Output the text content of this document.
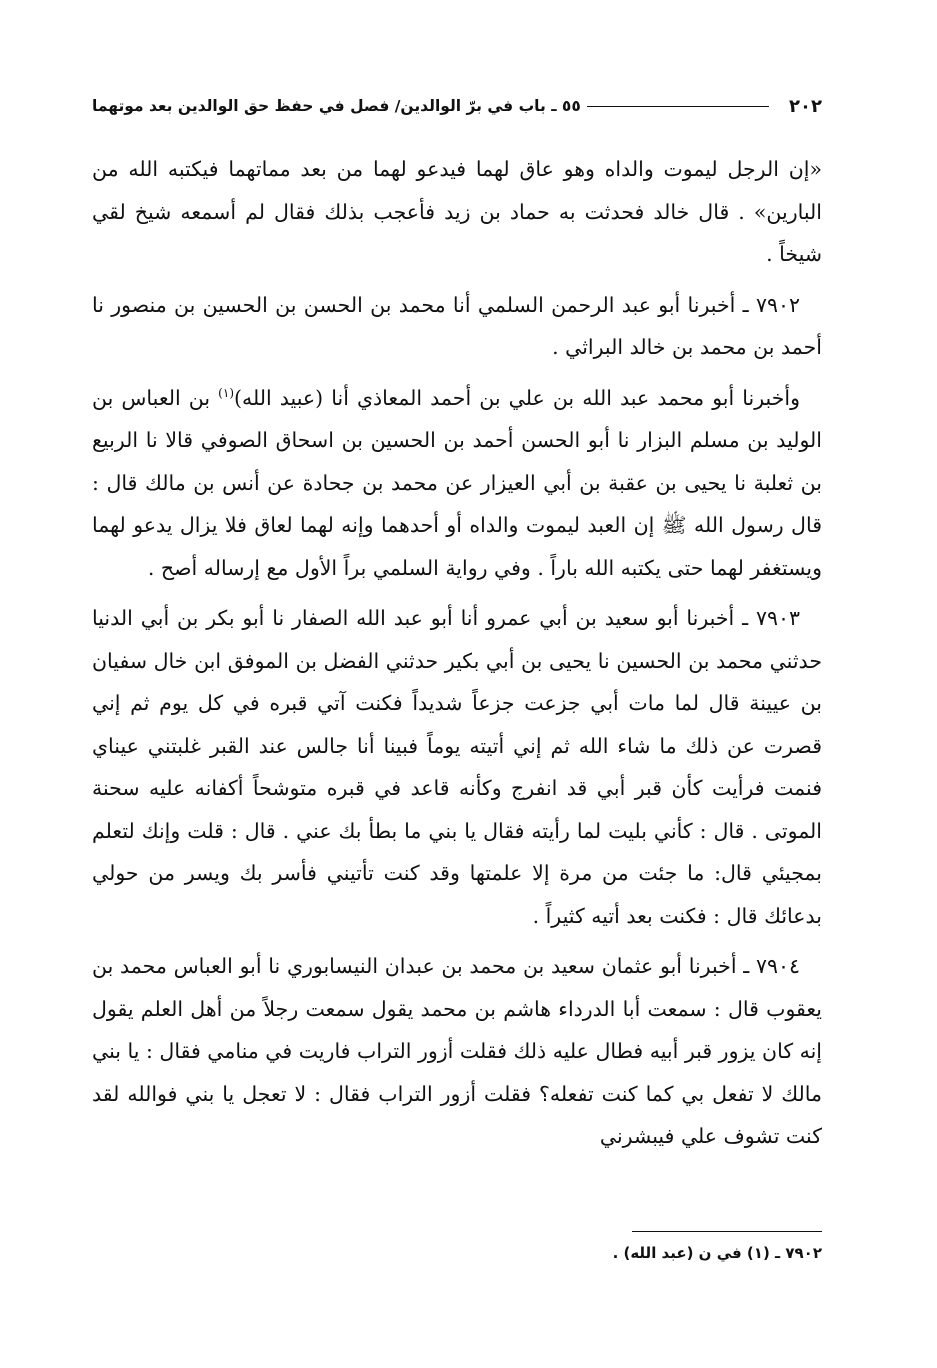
٢٠٢
٥٥ ـ باب في برّ الوالدين/ فصل في حفظ حق الوالدين بعد موتهما

«إن الرجل ليموت والداه وهو عاق لهما فيدعو لهما من بعد مماتهما فيكتبه الله من البارين» . قال خالد فحدثت به حماد بن زيد فأعجب بذلك فقال لم أسمعه شيخ لقي شيخاً .

٧٩٠٢ ـ أخبرنا أبو عبد الرحمن السلمي أنا محمد بن الحسن بن الحسين بن منصور نا أحمد بن محمد بن خالد البراثي .

وأخبرنا أبو محمد عبد الله بن علي بن أحمد المعاذي أنا (عبيد الله)$^{(١)}$ بن العباس بن الوليد بن مسلم البزار نا أبو الحسن أحمد بن الحسين بن اسحاق الصوفي قالا نا الربيع بن ثعلبة نا يحيى بن عقبة بن أبي العيزار عن محمد بن جحادة عن أنس بن مالك قال : قال رسول الله ﷺ إن العبد ليموت والداه أو أحدهما وإنه لهما لعاق فلا يزال يدعو لهما ويستغفر لهما حتى يكتبه الله باراً . وفي رواية السلمي براً الأول مع إرساله أصح .

٧٩٠٣ ـ أخبرنا أبو سعيد بن أبي عمرو أنا أبو عبد الله الصفار نا أبو بكر بن أبي الدنيا حدثني محمد بن الحسين نا يحيى بن أبي بكير حدثني الفضل بن الموفق ابن خال سفيان بن عيينة قال لما مات أبي جزعت جزعاً شديداً فكنت آتي قبره في كل يوم ثم إني قصرت عن ذلك ما شاء الله ثم إني أتيته يوماً فبينا أنا جالس عند القبر غلبتني عيناي فنمت فرأيت كأن قبر أبي قد انفرج وكأنه قاعد في قبره متوشحاً أكفانه عليه سحنة الموتى . قال : كأني بليت لما رأيته فقال يا بني ما بطأ بك عني . قال : قلت وإنك لتعلم بمجيئي قال: ما جئت من مرة إلا علمتها وقد كنت تأتيني فأسر بك ويسر من حولي بدعائك قال : فكنت بعد أتيه كثيراً .

٧٩٠٤ ـ أخبرنا أبو عثمان سعيد بن محمد بن عبدان النيسابوري نا أبو العباس محمد بن يعقوب قال : سمعت أبا الدرداء هاشم بن محمد يقول سمعت رجلاً من أهل العلم يقول إنه كان يزور قبر أبيه فطال عليه ذلك فقلت أزور التراب فاريت في منامي فقال : يا بني مالك لا تفعل بي كما كنت تفعله؟ فقلت أزور التراب فقال : لا تعجل يا بني فوالله لقد كنت تشوف علي فيبشرني

٧٩٠٢ ـ (١) في ن (عبد الله) .
